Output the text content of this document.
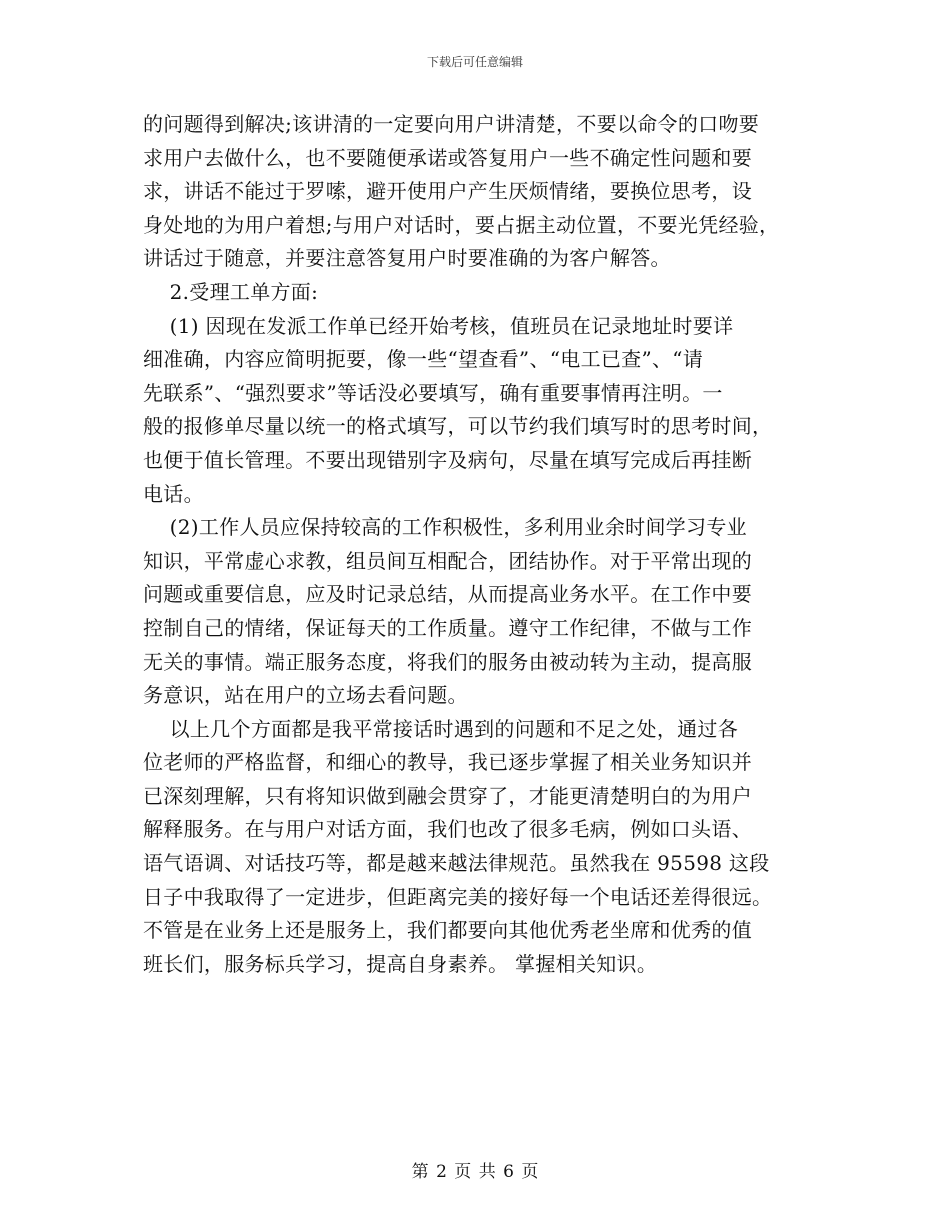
下载后可任意编辑
的问题得到解决;该讲清的一定要向用户讲清楚，不要以命令的口吻要
求用户去做什么，也不要随便承诺或答复用户一些不确定性问题和要
求，讲话不能过于罗嗦，避开使用户产生厌烦情绪，要换位思考，设
身处地的为用户着想;与用户对话时，要占据主动位置，不要光凭经验，
讲话过于随意，并要注意答复用户时要准确的为客户解答。
2.受理工单方面:
(1) 因现在发派工作单已经开始考核，值班员在记录地址时要详
细准确，内容应简明扼要，像一些“望查看”、“电工已查”、“请
先联系”、“强烈要求”等话没必要填写，确有重要事情再注明。一
般的报修单尽量以统一的格式填写，可以节约我们填写时的思考时间，
也便于值长管理。不要出现错别字及病句，尽量在填写完成后再挂断
电话。
(2)工作人员应保持较高的工作积极性，多利用业余时间学习专业
知识，平常虚心求教，组员间互相配合，团结协作。对于平常出现的
问题或重要信息，应及时记录总结，从而提高业务水平。在工作中要
控制自己的情绪，保证每天的工作质量。遵守工作纪律，不做与工作
无关的事情。端正服务态度，将我们的服务由被动转为主动，提高服
务意识，站在用户的立场去看问题。
以上几个方面都是我平常接话时遇到的问题和不足之处，通过各
位老师的严格监督，和细心的教导，我已逐步掌握了相关业务知识并
已深刻理解，只有将知识做到融会贯穿了，才能更清楚明白的为用户
解释服务。在与用户对话方面，我们也改了很多毛病，例如口头语、
语气语调、对话技巧等，都是越来越法律规范。虽然我在 95598 这段
日子中我取得了一定进步，但距离完美的接好每一个电话还差得很远。
不管是在业务上还是服务上，我们都要向其他优秀老坐席和优秀的值
班长们，服务标兵学习，提高自身素养。 掌握相关知识。
第 2 页 共 6 页
